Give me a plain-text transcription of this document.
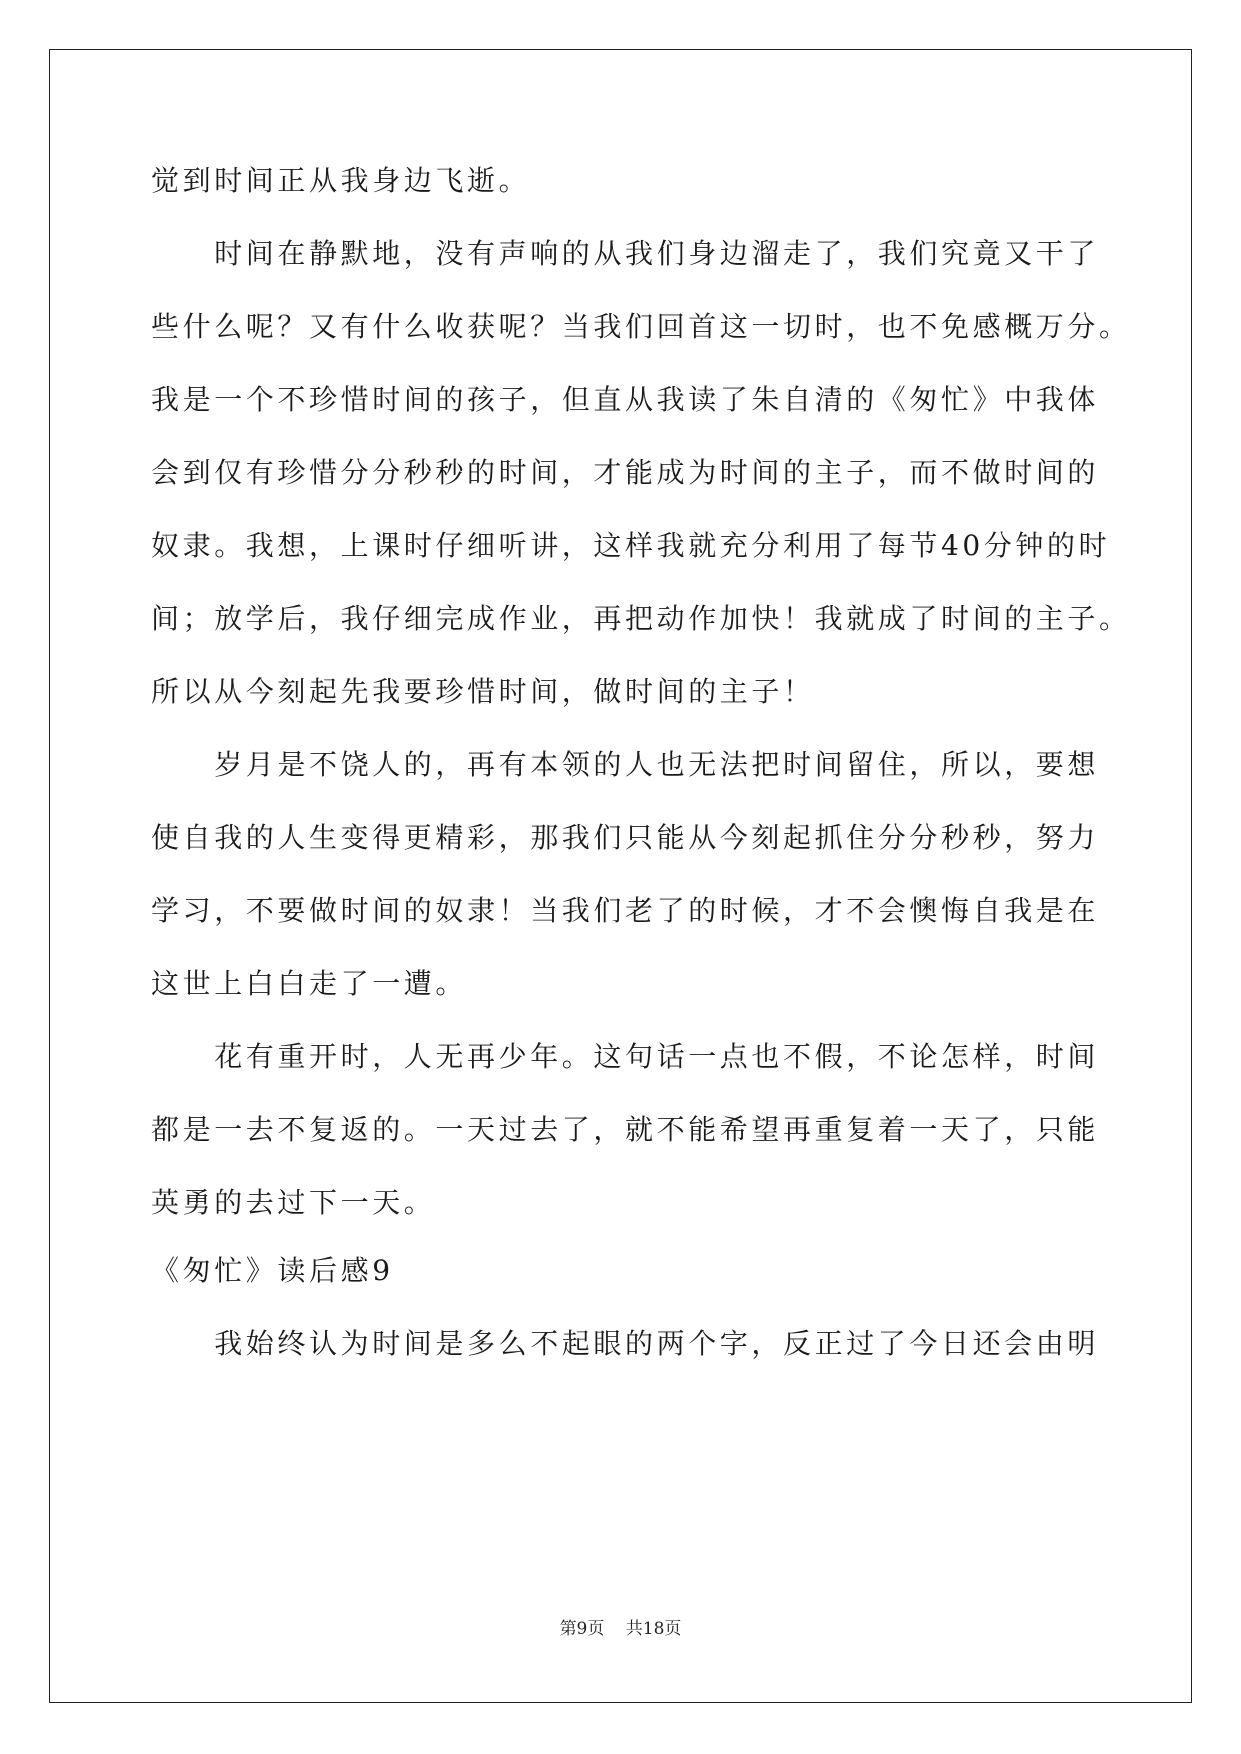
觉到时间正从我身边飞逝。
　　时间在静默地，没有声响的从我们身边溜走了，我们究竟又干了
些什么呢？又有什么收获呢？当我们回首这一切时，也不免感概万分。
我是一个不珍惜时间的孩子，但直从我读了朱自清的《匆忙》中我体
会到仅有珍惜分分秒秒的时间，才能成为时间的主子，而不做时间的
奴隶。我想，上课时仔细听讲，这样我就充分利用了每节40分钟的时
间；放学后，我仔细完成作业，再把动作加快！我就成了时间的主子。
所以从今刻起先我要珍惜时间，做时间的主子！
　　岁月是不饶人的，再有本领的人也无法把时间留住，所以，要想
使自我的人生变得更精彩，那我们只能从今刻起抓住分分秒秒，努力
学习，不要做时间的奴隶！当我们老了的时候，才不会懊悔自我是在
这世上白白走了一遭。
　　花有重开时，人无再少年。这句话一点也不假，不论怎样，时间
都是一去不复返的。一天过去了，就不能希望再重复着一天了，只能
英勇的去过下一天。
《匆忙》读后感9
　　我始终认为时间是多么不起眼的两个字，反正过了今日还会由明
第9页 共18页
